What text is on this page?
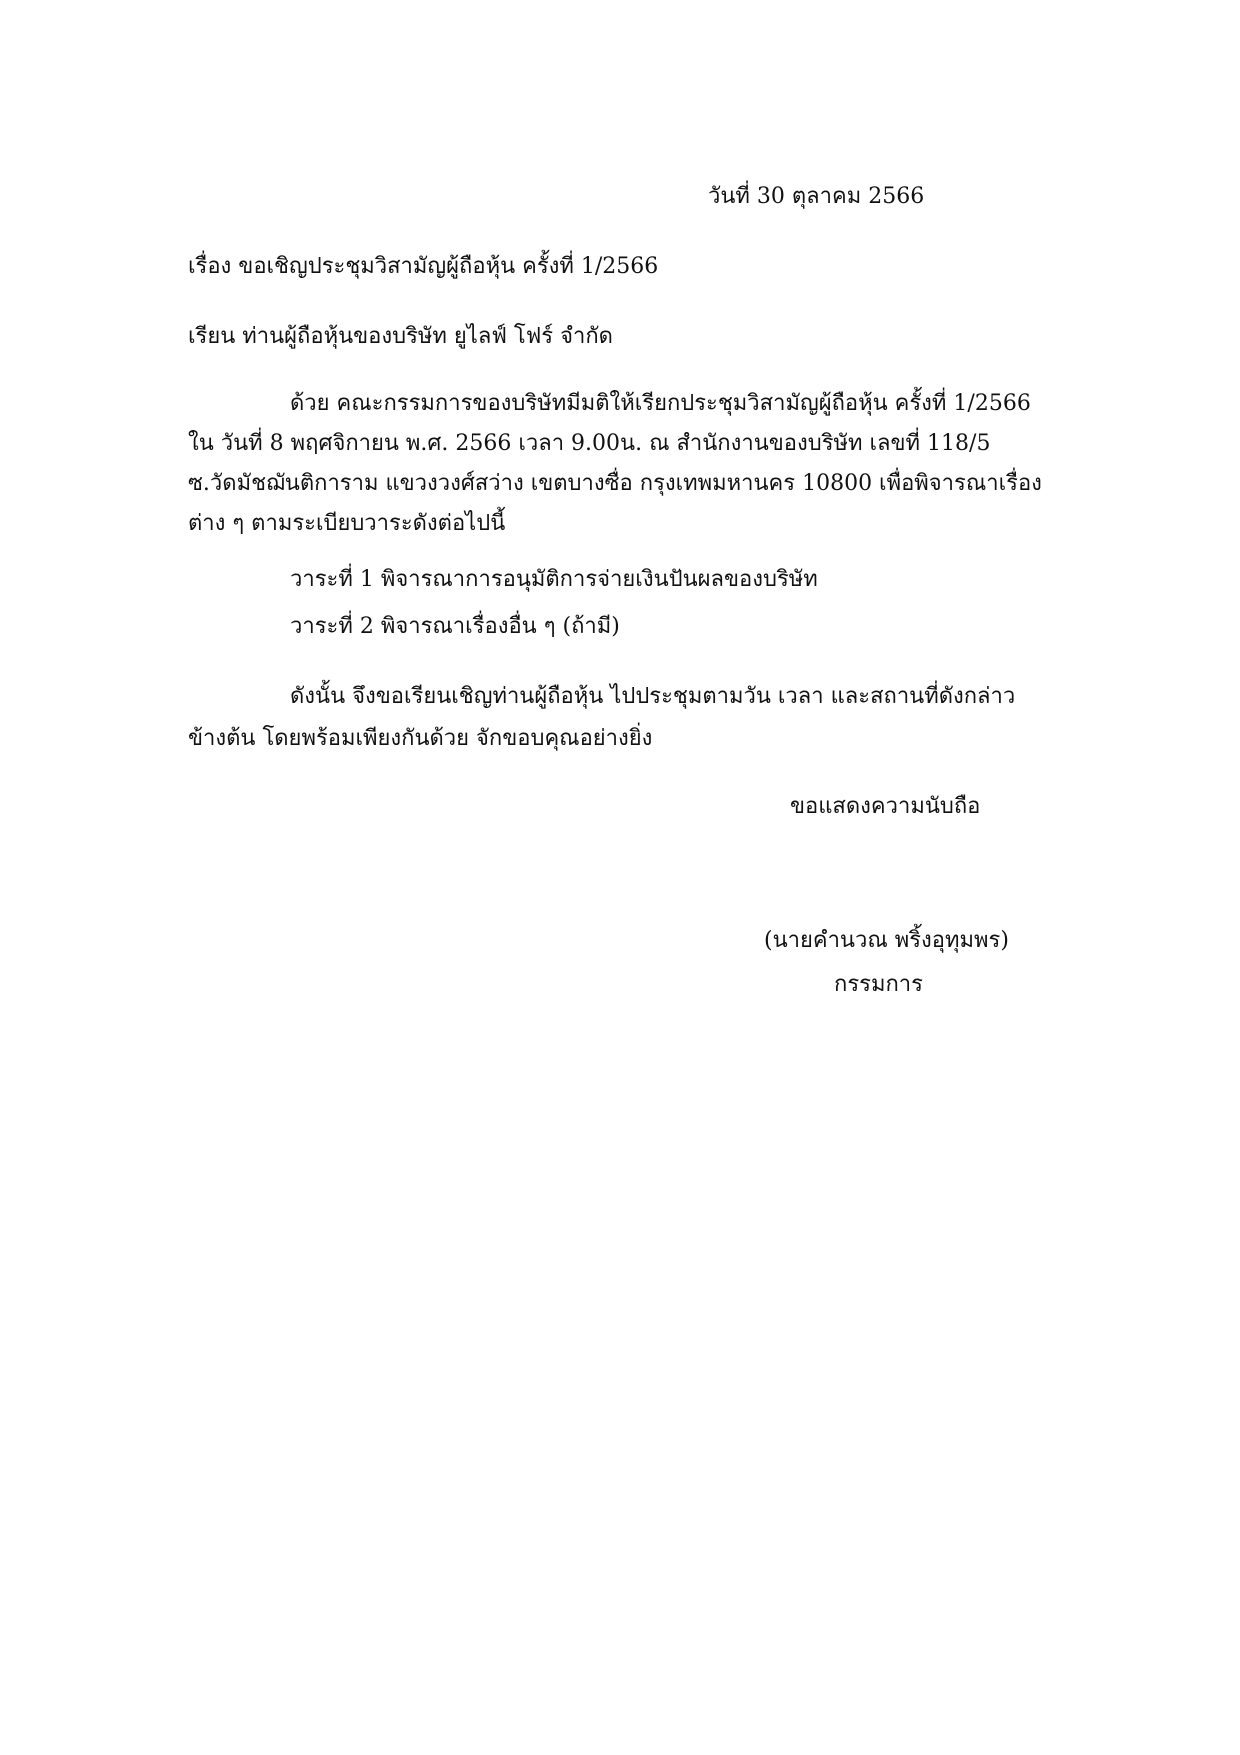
วันที่ 30 ตุลาคม 2566
เรื่อง ขอเชิญประชุมวิสามัญผู้ถือหุ้น ครั้งที่ 1/2566
เรียน ท่านผู้ถือหุ้นของบริษัท ยูไลฟ์ โฟร์ จำกัด
ด้วย คณะกรรมการของบริษัทมีมติให้เรียกประชุมวิสามัญผู้ถือหุ้น ครั้งที่ 1/2566 ใน วันที่ 8 พฤศจิกายน พ.ศ. 2566 เวลา 9.00น. ณ สำนักงานของบริษัท เลขที่ 118/5 ซ.วัดมัชฌันติการาม แขวงวงศ์สว่าง เขตบางซื่อ กรุงเทพมหานคร 10800 เพื่อพิจารณาเรื่องต่าง ๆ ตามระเบียบวาระดังต่อไปนี้
วาระที่ 1 พิจารณาการอนุมัติการจ่ายเงินปันผลของบริษัท
วาระที่ 2 พิจารณาเรื่องอื่น ๆ (ถ้ามี)
ดังนั้น จึงขอเรียนเชิญท่านผู้ถือหุ้น ไปประชุมตามวัน เวลา และสถานที่ดังกล่าวข้างต้น โดยพร้อมเพียงกันด้วย จักขอบคุณอย่างยิ่ง
ขอแสดงความนับถือ
(นายคำนวณ พริ้งอุทุมพร)
กรรมการ
